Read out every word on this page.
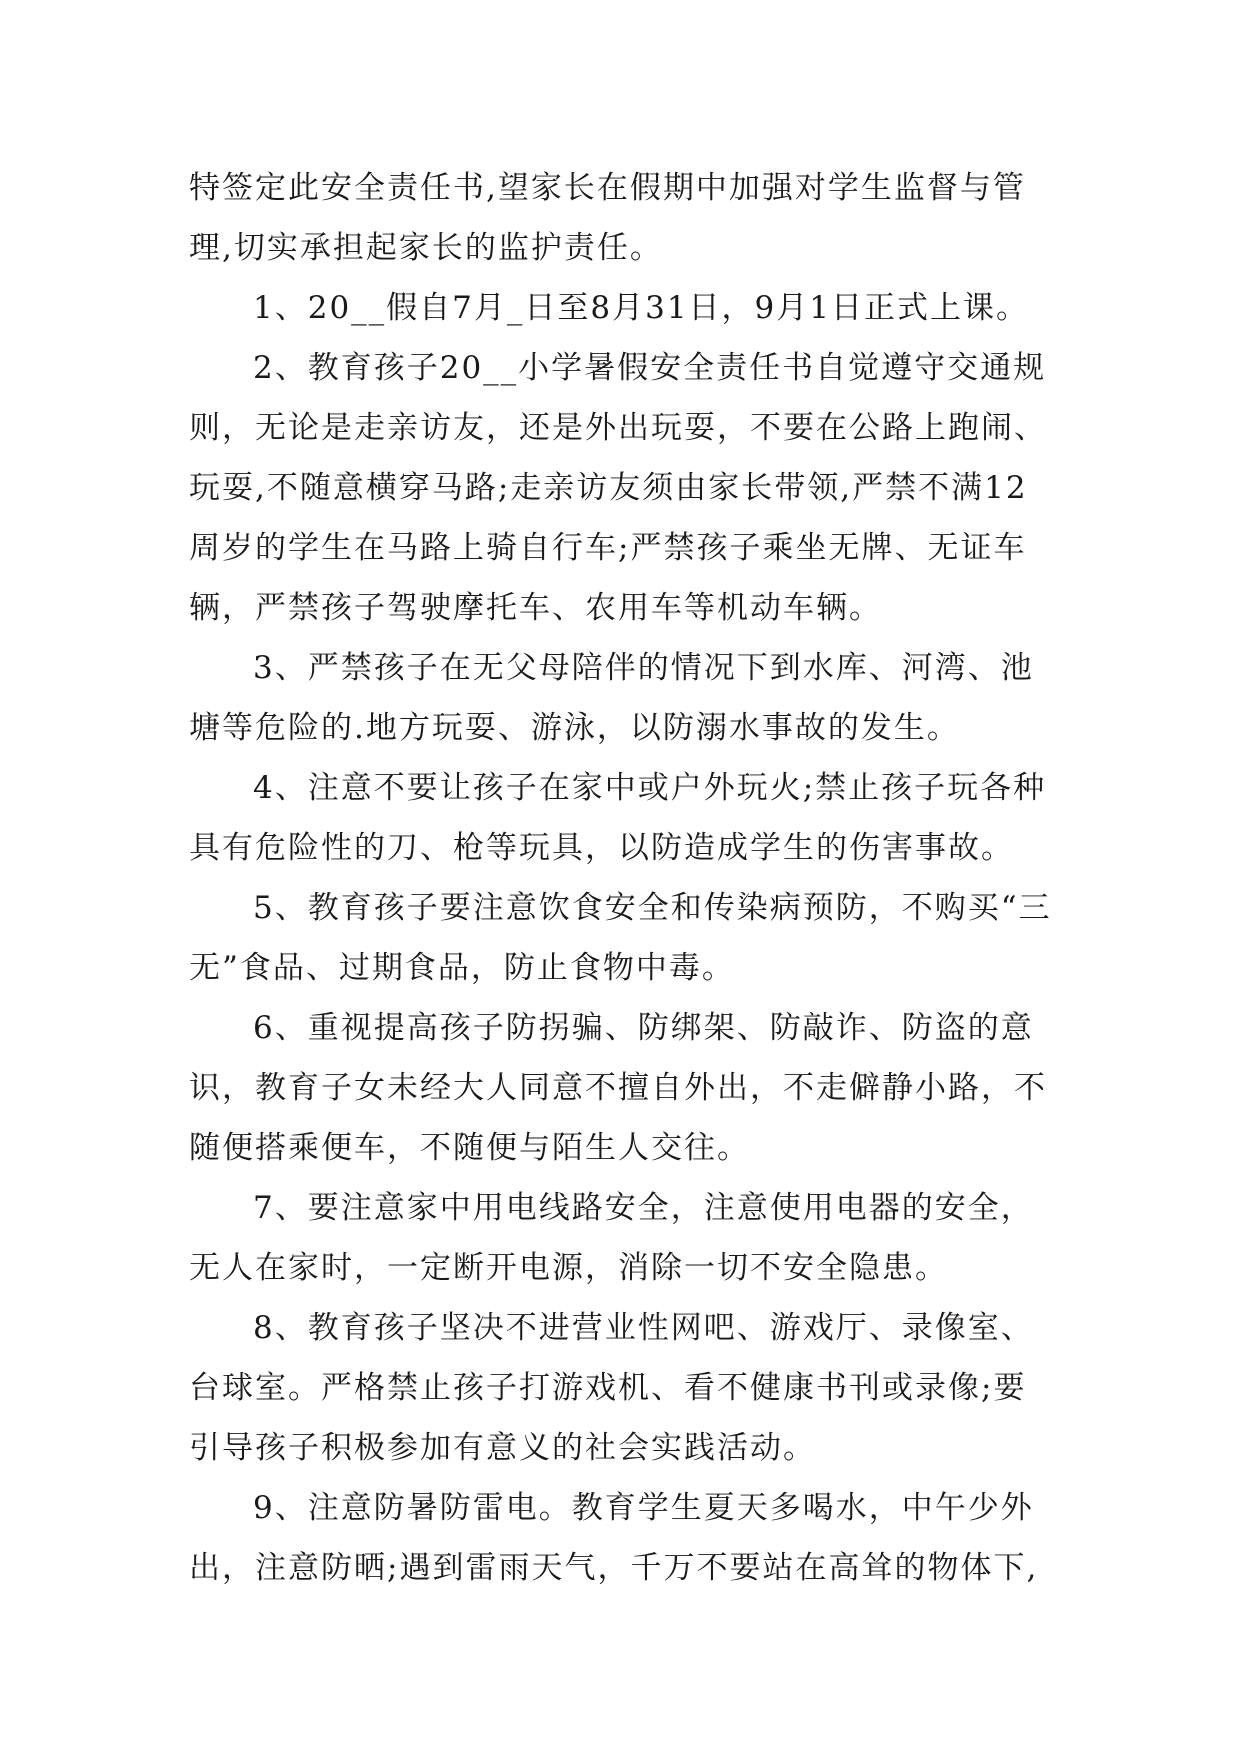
特签定此安全责任书,望家长在假期中加强对学生监督与管
理,切实承担起家长的监护责任。
1、20__假自7月_日至8月31日，9月1日正式上课。
2、教育孩子20__小学暑假安全责任书自觉遵守交通规
则，无论是走亲访友，还是外出玩耍，不要在公路上跑闹、
玩耍,不随意横穿马路;走亲访友须由家长带领,严禁不满12
周岁的学生在马路上骑自行车;严禁孩子乘坐无牌、无证车
辆，严禁孩子驾驶摩托车、农用车等机动车辆。
3、严禁孩子在无父母陪伴的情况下到水库、河湾、池
塘等危险的.地方玩耍、游泳，以防溺水事故的发生。
4、注意不要让孩子在家中或户外玩火;禁止孩子玩各种
具有危险性的刀、枪等玩具，以防造成学生的伤害事故。
5、教育孩子要注意饮食安全和传染病预防，不购买“三
无”食品、过期食品，防止食物中毒。
6、重视提高孩子防拐骗、防绑架、防敲诈、防盗的意
识，教育子女未经大人同意不擅自外出，不走僻静小路，不
随便搭乘便车，不随便与陌生人交往。
7、要注意家中用电线路安全，注意使用电器的安全，
无人在家时，一定断开电源，消除一切不安全隐患。
8、教育孩子坚决不进营业性网吧、游戏厅、录像室、
台球室。严格禁止孩子打游戏机、看不健康书刊或录像;要
引导孩子积极参加有意义的社会实践活动。
9、注意防暑防雷电。教育学生夏天多喝水，中午少外
出，注意防晒;遇到雷雨天气，千万不要站在高耸的物体下,
